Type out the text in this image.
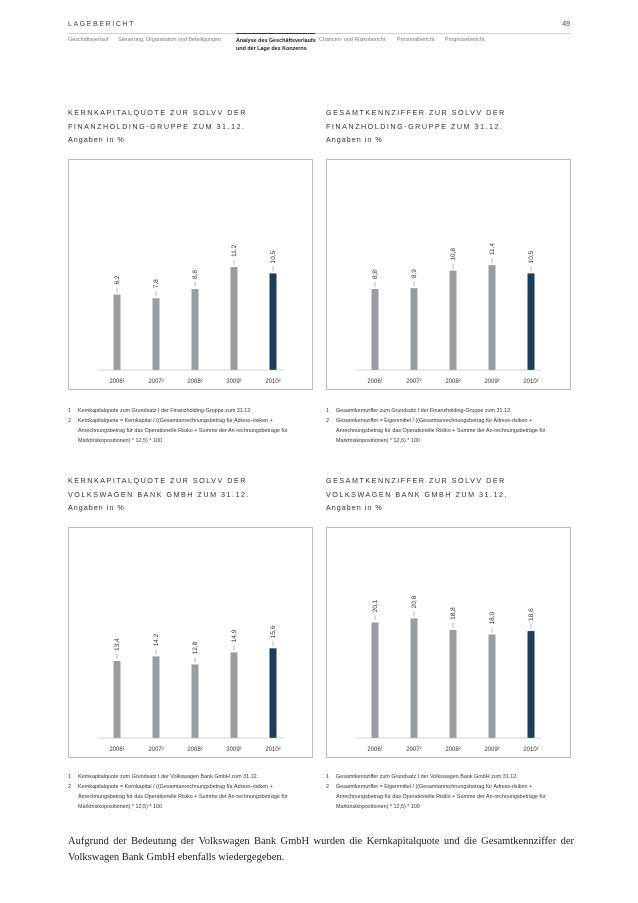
LAGEBERICHT	49
Geschäftsverlauf Steuerung, Organisation und Beteiligungen	Analyse des Geschäftsverlaufs
und der Lage des Konzerns
Chancen- und Risikobericht Personalbericht Prognosebericht
KERNKAPITALQUOTE ZUR SOLVV DER
FINANZHOLDING-GRUPPE ZUM 31.12.
Angaben in %
8,2
2006¹
7,8
2007²
8,8
2008²
11,2
2009²
10,5
2010²
1 Kernkapitalquote zum Grundsatz I der Finanzholding-Gruppe zum 31.12.
2 Kernkapitalquote = Kernkapital / ((Gesamtanrechnungsbetrag für Adress-risiken + Anrechnungsbetrag für das Operationelle Risiko + Summe der An-rechnungsbeträge für Marktrisikopositionen) * 12,5) * 100
GESAMTKENNZIFFER ZUR SOLVV DER
FINANZHOLDING-GRUPPE ZUM 31.12.
Angaben in %
8,8
2006¹
8,9
2007²
10,8
2008²
11,4
2009²
10,5
2010²
1 Gesamtkennziffer zum Grundsatz I der Finanzholding-Gruppe zum 31.12.
2 Gesamtkennziffer = Eigenmittel / ((Gesamtanrechnungsbetrag für Adress-risiken + Anrechnungsbetrag für das Operationelle Risiko + Summe der An-rechnungsbeträge für Marktrisikopositionen) * 12,5) * 100
KERNKAPITALQUOTE ZUR SOLVV DER
VOLKSWAGEN BANK GMBH ZUM 31.12.
Angaben in %
13,4
2006¹
14,2
2007²
12,8
2008²
14,9
2009²
15,6
2010²
1 Kernkapitalquote zum Grundsatz I der Volkswagen Bank GmbH zum 31.12.
2 Kernkapitalquote = Kernkapital / ((Gesamtanrechnungsbetrag für Adress-risiken + Anrechnungsbetrag für das Operationelle Risiko + Summe der An-rechnungsbeträge für Marktrisikopositionen) * 12,5) * 100
GESAMTKENNZIFFER ZUR SOLVV DER
VOLKSWAGEN BANK GMBH ZUM 31.12.
Angaben in %
20,1
2006¹
20,8
2007²
18,8
2008²
18,0
2009²
18,6
2010²
1 Gesamtkennziffer zum Grundsatz I der Volkswagen Bank GmbH zum 31.12.
2 Gesamtkennziffer = Eigenmittel / ((Gesamtanrechnungsbetrag für Adress-risiken + Anrechnungsbetrag für das Operationelle Risiko + Summe der An-rechnungsbeträge für Marktrisikopositionen) * 12,5) * 100
Aufgrund der Bedeutung der Volkswagen Bank GmbH wurden die Kernkapitalquote und die Gesamtkennziffer der Volkswagen Bank GmbH ebenfalls wiedergegeben.
